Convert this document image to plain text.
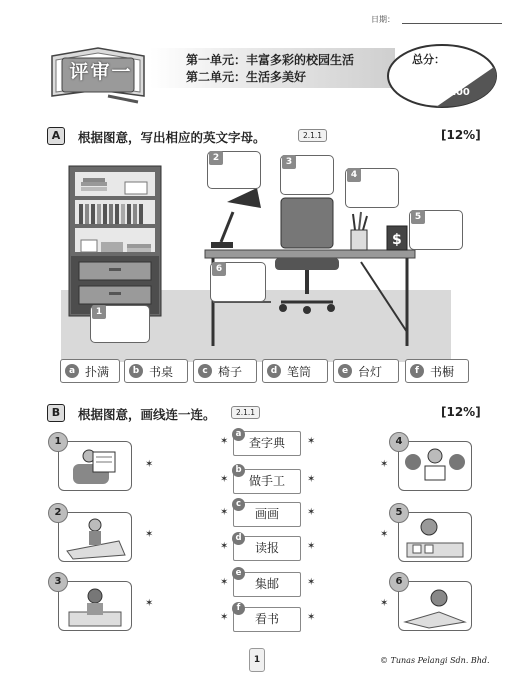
日期：
评审一
第一单元：丰富多彩的校园生活
第二单元：生活多美好
总分：
100
A	根据图意，写出相应的英文字母。	2.1.1	[12%]
$
1
2	3
4
5
6
a 扑满	b 书桌	c 椅子	d 笔筒	e 台灯	f 书橱
B	根据图意，画线连一连。	2.1.1	[12%]
1
✶
2
✶
3
✶
查字典
a
✶	✶
做手工
b
✶	✶
画画
c
✶	✶
读报
d
✶	✶
集邮
e
✶	✶
看书
f
✶	✶
4
✶
5
✶
6
✶
1	© Tunas Pelangi Sdn. Bhd.
